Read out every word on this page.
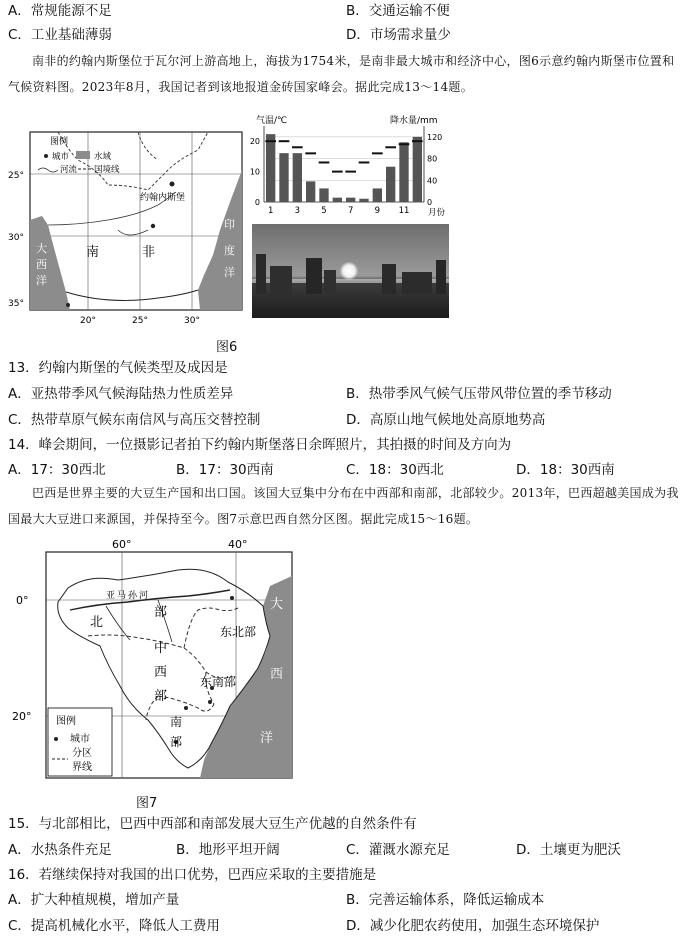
A．常规能源不足	B．交通运输不便
C．工业基础薄弱	D．市场需求量少
南非的约翰内斯堡位于瓦尔河上游高地上，海拔为1754米，是南非最大城市和经济中心，图6示意约翰内斯堡市位置和气候资料图。2023年8月，我国记者到该地报道金砖国家峰会。据此完成13～14题。
图例
城市	水域
河流 国境线
约翰内斯堡
南	非
大
西
洋
印
度
洋
25°
30°
35°
20°	25°	30°
气温/℃	降水量/mm
0
10
20
0
40
80
120
1 3 5 7 9 11 月份
图6
13．约翰内斯堡的气候类型及成因是
A．亚热带季风气候海陆热力性质差异	B．热带季风气候气压带风带位置的季节移动
C．热带草原气候东南信风与高压交替控制	D．高原山地气候地处高原地势高
14．峰会期间，一位摄影记者拍下约翰内斯堡落日余晖照片，其拍摄的时间及方向为
A．17：30西北	B．17：30西南	C．18：30西北	D．18：30西南
巴西是世界主要的大豆生产国和出口国。该国大豆集中分布在中西部和南部，北部较少。2013年，巴西超越美国成为我国最大大豆进口来源国，并保持至今。图7示意巴西自然分区图。据此完成15～16题。
60°	40°
0°
20°
亚马孙河
北
部
中
西
部
东北部
东南部
南
部
大
西
洋
图例
城市
分区
界线
图7
15．与北部相比，巴西中西部和南部发展大豆生产优越的自然条件有
A．水热条件充足	B．地形平坦开阔	C．灌溉水源充足	D．土壤更为肥沃
16．若继续保持对我国的出口优势，巴西应采取的主要措施是
A．扩大种植规模，增加产量	B．完善运输体系，降低运输成本
C．提高机械化水平，降低人工费用	D．减少化肥农药使用，加强生态环境保护
